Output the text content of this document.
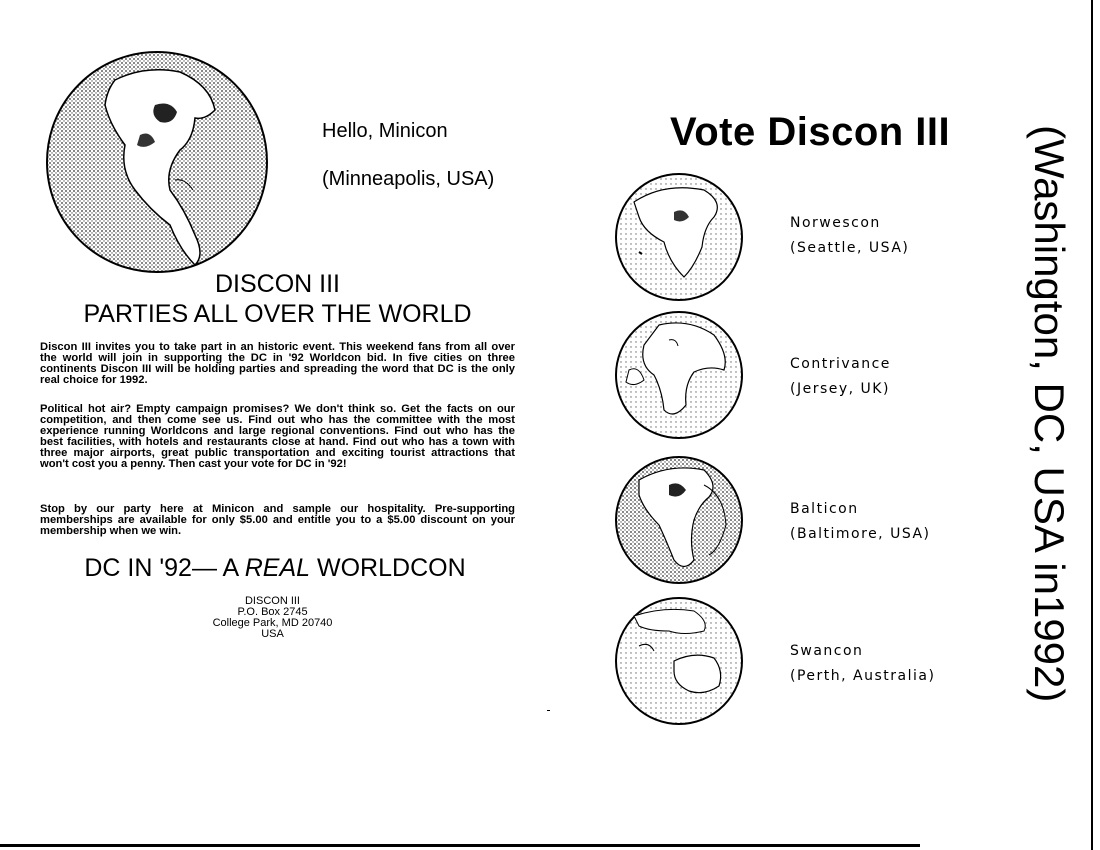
Hello, Minicon
(Minneapolis, USA)
DISCON III
PARTIES ALL OVER THE WORLD
Discon III invites you to take part in an historic event. This weekend fans from all over the world will join in supporting the DC in '92 Worldcon bid. In five cities on three continents Discon III will be holding parties and spreading the word that DC is the only real choice for 1992.
Political hot air? Empty campaign promises? We don't think so. Get the facts on our competition, and then come see us. Find out who has the committee with the most experience running Worldcons and large regional conventions. Find out who has the best facilities, with hotels and restaurants close at hand. Find out who has a town with three major airports, great public transportation and exciting tourist attractions that won't cost you a penny. Then cast your vote for DC in '92!
Stop by our party here at Minicon and sample our hospitality. Pre-supporting memberships are available for only $5.00 and entitle you to a $5.00 discount on your membership when we win.
DC IN '92— A REAL WORLDCON
DISCON III
P.O. Box 2745
College Park, MD 20740
USA
Vote Discon III
Norwescon
(Seattle, USA)
Contrivance
(Jersey, UK)
Balticon
(Baltimore, USA)
Swancon
(Perth, Australia) (Washington, DC, USA in1992)
